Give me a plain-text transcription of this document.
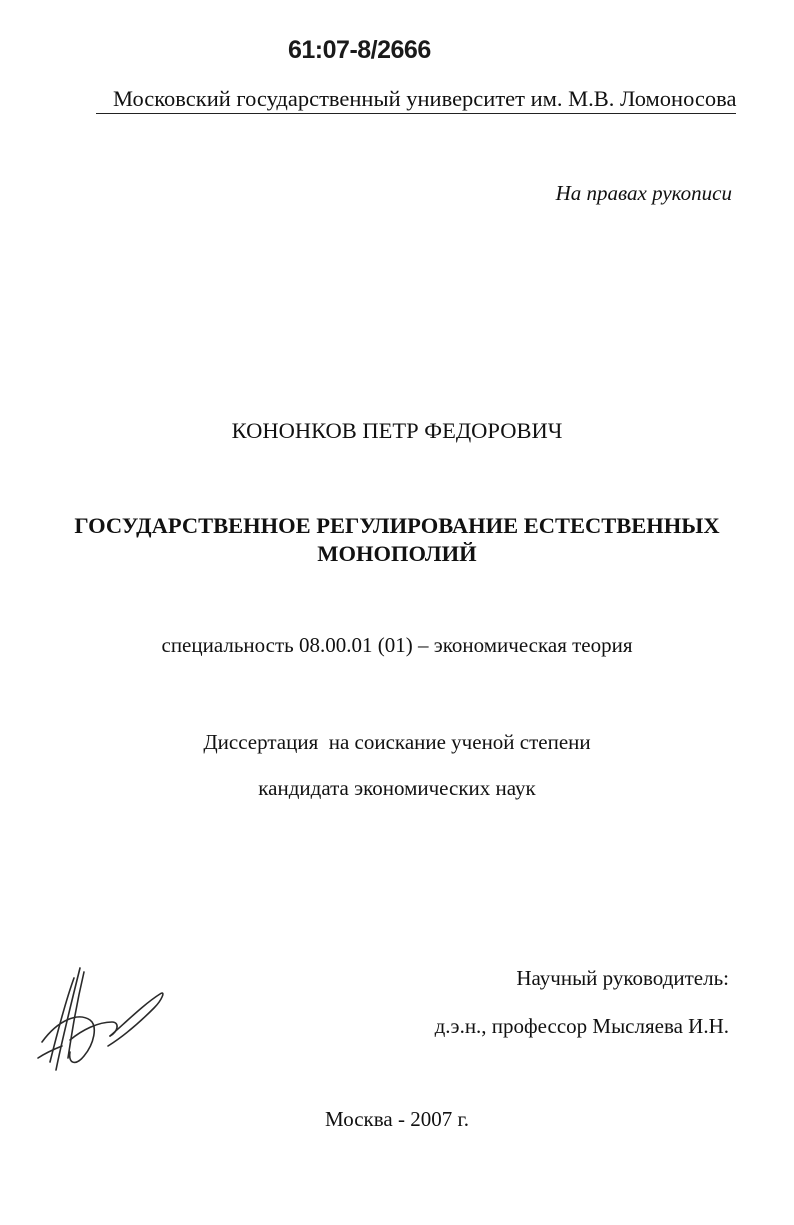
61:07-8/2666
Московский государственный университет им. М.В. Ломоносова
На правах рукописи
КОНОНКОВ ПЕТР ФЕДОРОВИЧ
ГОСУДАРСТВЕННОЕ РЕГУЛИРОВАНИЕ ЕСТЕСТВЕННЫХ
МОНОПОЛИЙ
специальность 08.00.01 (01) – экономическая теория
Диссертация  на соискание ученой степени
кандидата экономических наук
Научный руководитель:
д.э.н., профессор Мысляева И.Н.
Москва - 2007 г.
